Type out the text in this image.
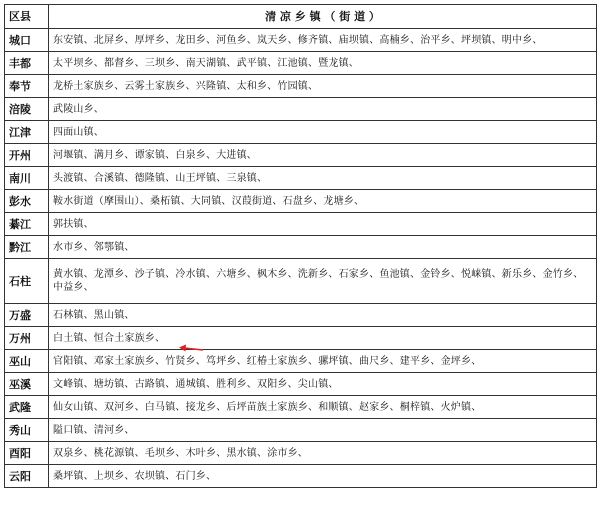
区县	清 凉 乡 镇 （ 街 道 ）
城口	东安镇、北屏乡、厚坪乡、龙田乡、河鱼乡、岚天乡、修齐镇、庙坝镇、高楠乡、治平乡、坪坝镇、明中乡、
丰都	太平坝乡、都督乡、三坝乡、南天湖镇、武平镇、江池镇、暨龙镇、
奉节	龙桥土家族乡、云雾土家族乡、兴隆镇、太和乡、竹园镇、
涪陵	武陵山乡、
江津	四面山镇、
开州	河堰镇、满月乡、谭家镇、白泉乡、大进镇、
南川	头渡镇、合溪镇、德隆镇、山王坪镇、三泉镇、
彭水	鞍水街道（摩围山）、桑柘镇、大同镇、汉葭街道、石盘乡、龙塘乡、
綦江	郭扶镇、
黔江	水市乡、邻鄂镇、
石柱	黄水镇、龙潭乡、沙子镇、冷水镇、六塘乡、枫木乡、洗新乡、石家乡、鱼池镇、金铃乡、悦崃镇、新乐乡、金竹乡、中益乡、
万盛	石林镇、黑山镇、
万州	白土镇、恒合土家族乡、
巫山	官阳镇、邓家土家族乡、竹贤乡、笃坪乡、红椿土家族乡、骡坪镇、曲尺乡、建平乡、金坪乡、
巫溪	文峰镇、塘坊镇、古路镇、通城镇、胜利乡、双阳乡、尖山镇、
武隆	仙女山镇、双河乡、白马镇、接龙乡、后坪苗族土家族乡、和顺镇、赵家乡、桐梓镇、火炉镇、
秀山	隘口镇、清河乡、
酉阳	双泉乡、桃花源镇、毛坝乡、木叶乡、黑水镇、涂市乡、
云阳	桑坪镇、上坝乡、农坝镇、石门乡、
